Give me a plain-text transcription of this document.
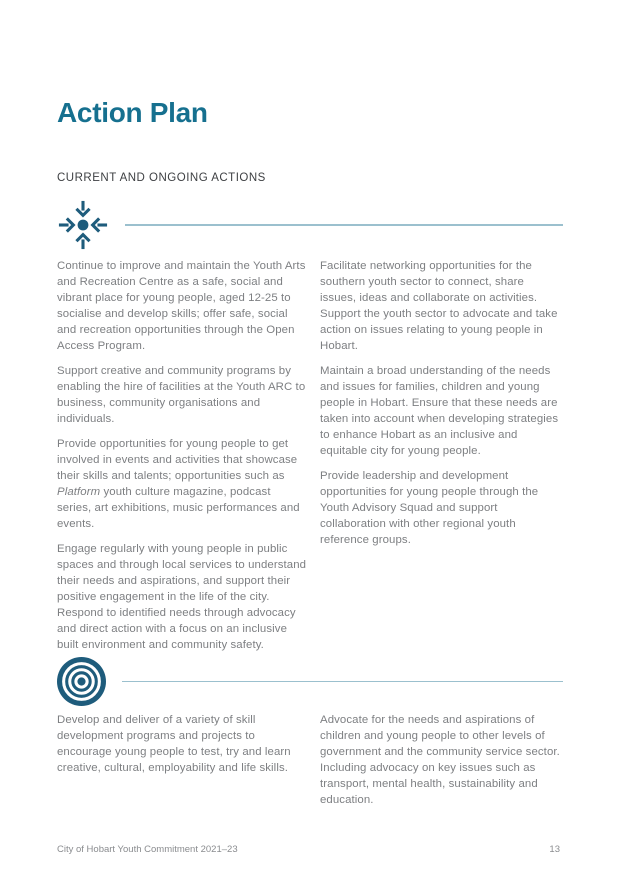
Action Plan
CURRENT AND ONGOING ACTIONS

Continue to improve and maintain the Youth Arts and Recreation Centre as a safe, social and vibrant place for young people, aged 12-25 to socialise and develop skills; offer safe, social and recreation opportunities through the Open Access Program.

Support creative and community programs by enabling the hire of facilities at the Youth ARC to business, community organisations and individuals.

Provide opportunities for young people to get involved in events and activities that showcase their skills and talents; opportunities such as Platform youth culture magazine, podcast series, art exhibitions, music performances and events.

Engage regularly with young people in public spaces and through local services to understand their needs and aspirations, and support their positive engagement in the life of the city. Respond to identified needs through advocacy and direct action with a focus on an inclusive built environment and community safety.

Facilitate networking opportunities for the southern youth sector to connect, share issues, ideas and collaborate on activities. Support the youth sector to advocate and take action on issues relating to young people in Hobart.

Maintain a broad understanding of the needs and issues for families, children and young people in Hobart. Ensure that these needs are taken into account when developing strategies to enhance Hobart as an inclusive and equitable city for young people.

Provide leadership and development opportunities for young people through the Youth Advisory Squad and support collaboration with other regional youth reference groups.

Develop and deliver of a variety of skill development programs and projects to encourage young people to test, try and learn creative, cultural, employability and life skills.

Advocate for the needs and aspirations of children and young people to other levels of government and the community service sector. Including advocacy on key issues such as transport, mental health, sustainability and education.

City of Hobart Youth Commitment 2021–23	13
